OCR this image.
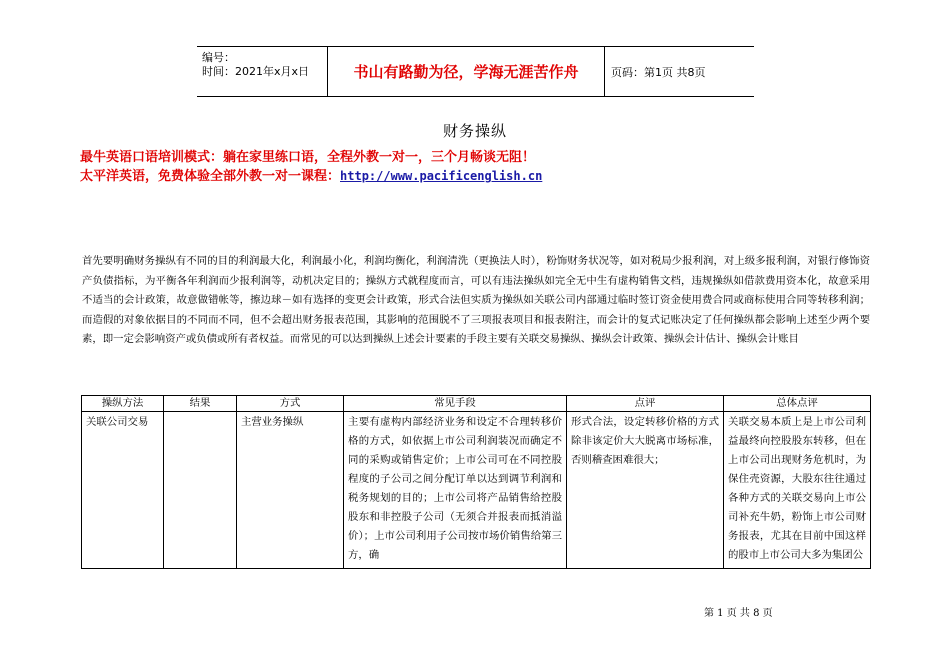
编号：
时间：2021年x月x日	书山有路勤为径，学海无涯苦作舟	页码：第1页 共8页
财务操纵
最牛英语口语培训模式：躺在家里练口语，全程外教一对一，三个月畅谈无阻！
太平洋英语，免费体验全部外教一对一课程：http://www.pacificenglish.cn
首先要明确财务操纵有不同的目的利润最大化，利润最小化，利润均衡化，利润清洗（更换法人时），粉饰财务状况等，如对税局少报利润，对上级多报利润，对银行修饰资产负债指标，为平衡各年利润而少报利润等，动机决定目的；操纵方式就程度而言，可以有违法操纵如完全无中生有虚构销售文档，违规操纵如借款费用资本化，故意采用不适当的会计政策，故意做错帐等，擦边球－如有选择的变更会计政策，形式合法但实质为操纵如关联公司内部通过临时签订资金使用费合同或商标使用合同等转移利润；而造假的对象依据目的不同而不同，但不会超出财务报表范围，其影响的范围脱不了三项报表项目和报表附注，而会计的复式记账决定了任何操纵都会影响上述至少两个要素，即一定会影响资产或负债或所有者权益。而常见的可以达到操纵上述会计要素的手段主要有关联交易操纵、操纵会计政策、操纵会计估计、操纵会计账目
操纵方法	结果	方式	常见手段	点评	总体点评

关联公司交易		主营业务操纵	主要有虚构内部经济业务和设定不合理转移价格的方式，如依据上市公司利润装况而确定不同的采购或销售定价；上市公司可在不同控股程度的子公司之间分配订单以达到调节利润和税务规划的目的；上市公司将产品销售给控股股东和非控股子公司（无须合并报表而抵消溢价）；上市公司利用子公司按市场价销售给第三方，确	形式合法，设定转移价格的方式除非该定价大大脱离市场标准，否则稽查困难很大；	关联交易本质上是上市公司利益最终向控股股东转移，但在上市公司出现财务危机时，为保住壳资源，大股东往往通过各种方式的关联交易向上市公司补充牛奶，粉饰上市公司财务报表，尤其在目前中国这样的股市上市公司大多为集团公
第 1 页 共 8 页
